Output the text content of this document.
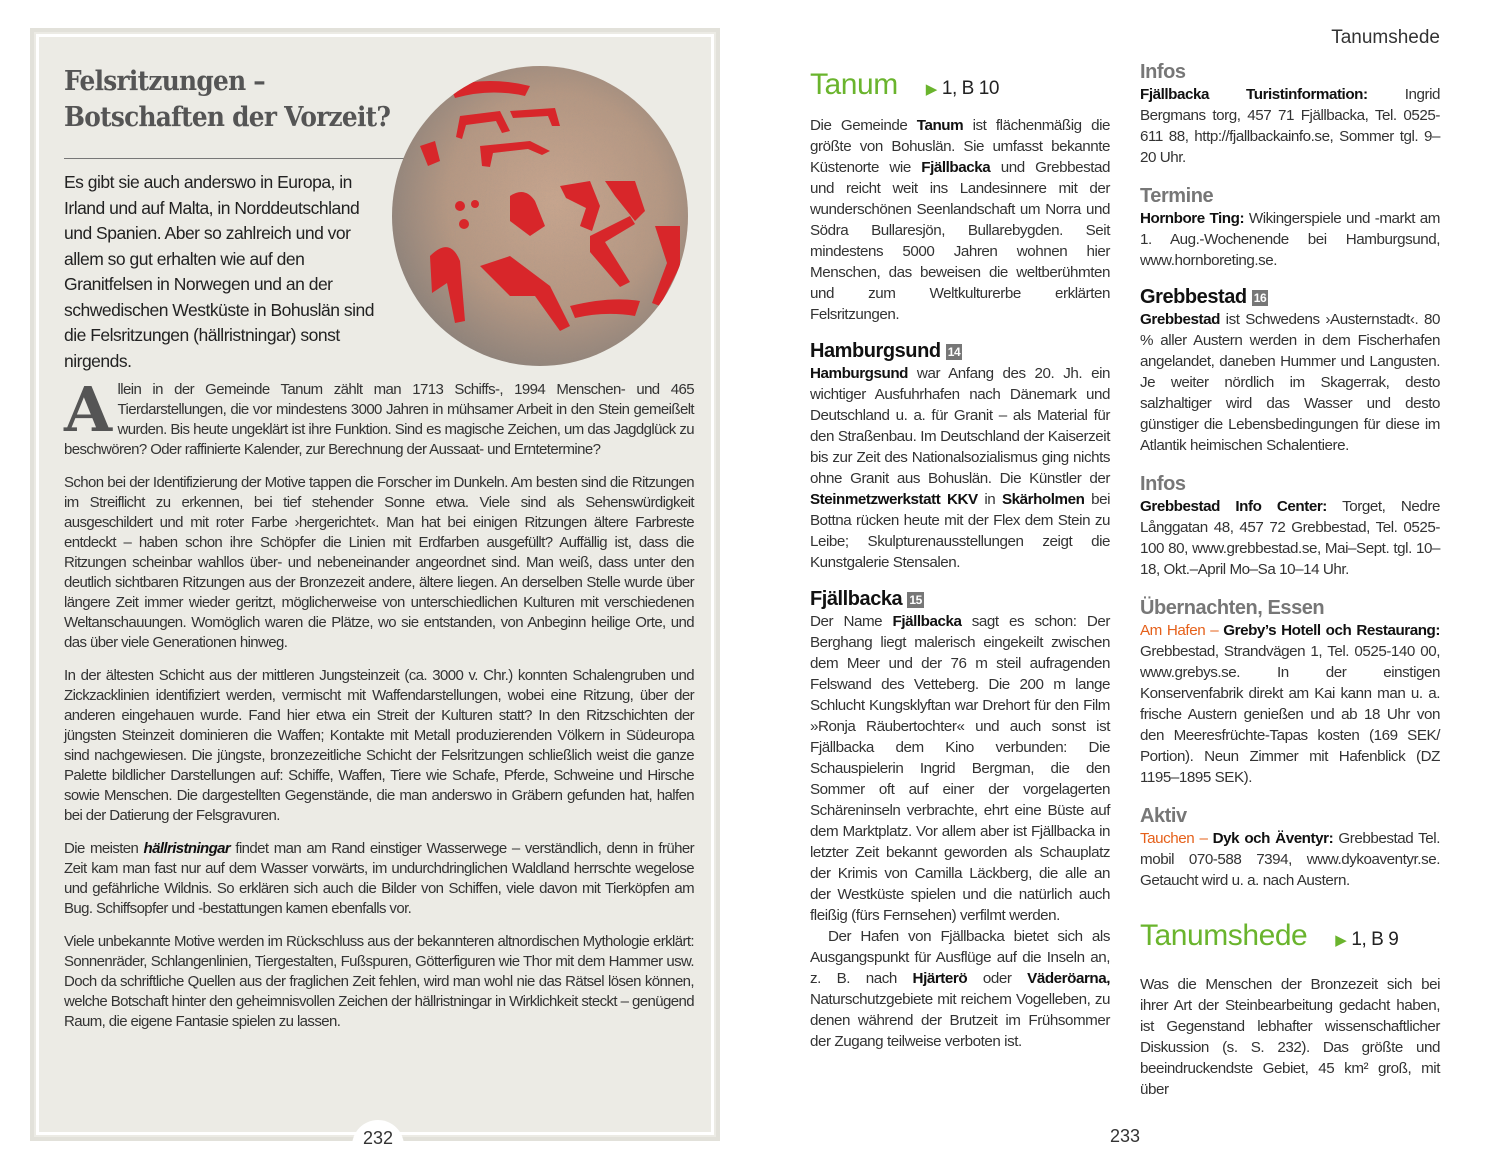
Felsritzungen –
Botschaften der Vorzeit?
Es gibt sie auch anderswo in Europa, in Irland und auf Malta, in Norddeutschland und Spanien. Aber so zahlreich und vor allem so gut erhalten wie auf den Granitfelsen in Norwegen und an der schwedischen Westküste in Bohuslän sind die Felsritzungen (hällristningar) sonst nirgends.

Allein in der Gemeinde Tanum zählt man 1713 Schiffs-, 1994 Menschen- und 465 Tierdarstellungen, die vor mindestens 3000 Jahren in mühsamer Arbeit in den Stein gemeißelt wurden. Bis heute ungeklärt ist ihre Funktion. Sind es magische Zeichen, um das Jagdglück zu beschwören? Oder raffinierte Kalender, zur Berechnung der Aussaat- und Erntetermine?

Schon bei der Identifizierung der Motive tappen die Forscher im Dunkeln. Am besten sind die Ritzungen im Streiflicht zu erkennen, bei tief stehender Sonne etwa. Viele sind als Sehenswürdigkeit ausgeschildert und mit roter Farbe ›hergerichtet‹. Man hat bei einigen Ritzungen ältere Farbreste entdeckt – haben schon ihre Schöpfer die Linien mit Erdfarben ausgefüllt? Auffällig ist, dass die Ritzungen scheinbar wahllos über- und nebeneinander angeordnet sind. Man weiß, dass unter den deutlich sichtbaren Ritzungen aus der Bronzezeit andere, ältere liegen. An derselben Stelle wurde über längere Zeit immer wieder geritzt, möglicherweise von unterschiedlichen Kulturen mit verschiedenen Weltanschauungen. Womöglich waren die Plätze, wo sie entstanden, von Anbeginn heilige Orte, und das über viele Generationen hinweg.

In der ältesten Schicht aus der mittleren Jungsteinzeit (ca. 3000 v. Chr.) konnten Schalengruben und Zickzacklinien identifiziert werden, vermischt mit Waffendarstellungen, wobei eine Ritzung, über der anderen eingehauen wurde. Fand hier etwa ein Streit der Kulturen statt? In den Ritzschichten der jüngsten Steinzeit dominieren die Waffen; Kontakte mit Metall produzierenden Völkern in Südeuropa sind nachgewiesen. Die jüngste, bronzezeitliche Schicht der Felsritzungen schließlich weist die ganze Palette bildlicher Darstellungen auf: Schiffe, Waffen, Tiere wie Schafe, Pferde, Schweine und Hirsche sowie Menschen. Die dargestellten Gegenstände, die man anderswo in Gräbern gefunden hat, halfen bei der Datierung der Felsgravuren.

Die meisten hällristningar findet man am Rand einstiger Wasserwege – verständlich, denn in früher Zeit kam man fast nur auf dem Wasser vorwärts, im undurchdringlichen Waldland herrschte wegelose und gefährliche Wildnis. So erklären sich auch die Bilder von Schiffen, viele davon mit Tierköpfen am Bug. Schiffsopfer und -bestattungen kamen ebenfalls vor.

Viele unbekannte Motive werden im Rückschluss aus der bekannteren altnordischen Mythologie erklärt: Sonnenräder, Schlangenlinien, Tiergestalten, Fußspuren, Götterfiguren wie Thor mit dem Hammer usw. Doch da schriftliche Quellen aus der fraglichen Zeit fehlen, wird man wohl nie das Rätsel lösen können, welche Botschaft hinter den geheimnisvollen Zeichen der hällristningar in Wirklichkeit steckt – genügend Raum, die eigene Fantasie spielen zu lassen.

232
Tanumshede
Tanum ▶ 1, B 10

Die Gemeinde Tanum ist flächenmäßig die größte von Bohuslän. Sie umfasst bekannte Küstenorte wie Fjällbacka und Grebbestad und reicht weit ins Landesinnere mit der wunderschönen Seenlandschaft um Norra und Södra Bullaresjön, Bullarebygden. Seit mindestens 5000 Jahren wohnen hier Menschen, das beweisen die weltberühmten und zum Weltkulturerbe erklärten Felsritzungen.

Hamburgsund 14

Hamburgsund war Anfang des 20. Jh. ein wichtiger Ausfuhrhafen nach Dänemark und Deutschland u. a. für Granit – als Material für den Straßenbau. Im Deutschland der Kaiserzeit bis zur Zeit des Nationalsozialismus ging nichts ohne Granit aus Bohuslän. Die Künstler der Steinmetzwerkstatt KKV in Skärholmen bei Bottna rücken heute mit der Flex dem Stein zu Leibe; Skulpturenausstellungen zeigt die Kunstgalerie Stensalen.

Fjällbacka 15

Der Name Fjällbacka sagt es schon: Der Berghang liegt malerisch eingekeilt zwischen dem Meer und der 76 m steil aufragenden Felswand des Vetteberg. Die 200 m lange Schlucht Kungsklyftan war Drehort für den Film »Ronja Räubertochter« und auch sonst ist Fjällbacka dem Kino verbunden: Die Schauspielerin Ingrid Bergman, die den Sommer oft auf einer der vorgelagerten Schäreninseln verbrachte, ehrt eine Büste auf dem Marktplatz. Vor allem aber ist Fjällbacka in letzter Zeit bekannt geworden als Schauplatz der Krimis von Camilla Läckberg, die alle an der Westküste spielen und die natürlich auch fleißig (fürs Fernsehen) verfilmt werden.

Der Hafen von Fjällbacka bietet sich als Ausgangspunkt für Ausflüge auf die Inseln an, z. B. nach Hjärterö oder Väderöarna, Naturschutzgebiete mit reichem Vogelleben, zu denen während der Brutzeit im Frühsommer der Zugang teilweise verboten ist.

Infos

Fjällbacka Turistinformation: Ingrid Bergmans torg, 457 71 Fjällbacka, Tel. 0525-611 88, http://fjallbackainfo.se, Sommer tgl. 9–20 Uhr.

Termine

Hornbore Ting: Wikingerspiele und -markt am 1. Aug.-Wochenende bei Hamburgsund, www.hornboreting.se.

Grebbestad 16

Grebbestad ist Schwedens ›Austernstadt‹. 80 % aller Austern werden in dem Fischerhafen angelandet, daneben Hummer und Langusten. Je weiter nördlich im Skagerrak, desto salzhaltiger wird das Wasser und desto günstiger die Lebensbedingungen für diese im Atlantik heimischen Schalentiere.

Infos

Grebbestad Info Center: Torget, Nedre Långgatan 48, 457 72 Grebbestad, Tel. 0525-100 80, www.grebbestad.se, Mai–Sept. tgl. 10–18, Okt.–April Mo–Sa 10–14 Uhr.

Übernachten, Essen

Am Hafen – Greby’s Hotell och Restaurang: Grebbestad, Strandvägen 1, Tel. 0525-140 00, www.grebys.se. In der einstigen Konservenfabrik direkt am Kai kann man u. a. frische Austern genießen und ab 18 Uhr von den Meeresfrüchte-Tapas kosten (169 SEK/ Portion). Neun Zimmer mit Hafenblick (DZ 1195–1895 SEK).

Aktiv

Tauchen – Dyk och Äventyr: Grebbestad Tel. mobil 070-588 7394, www.dykoaventyr.se. Getaucht wird u. a. nach Austern.

Tanumshede ▶ 1, B 9

Was die Menschen der Bronzezeit sich bei ihrer Art der Steinbearbeitung gedacht haben, ist Gegenstand lebhafter wissenschaftlicher Diskussion (s. S. 232). Das größte und beeindruckendste Gebiet, 45 km² groß, mit über

233
